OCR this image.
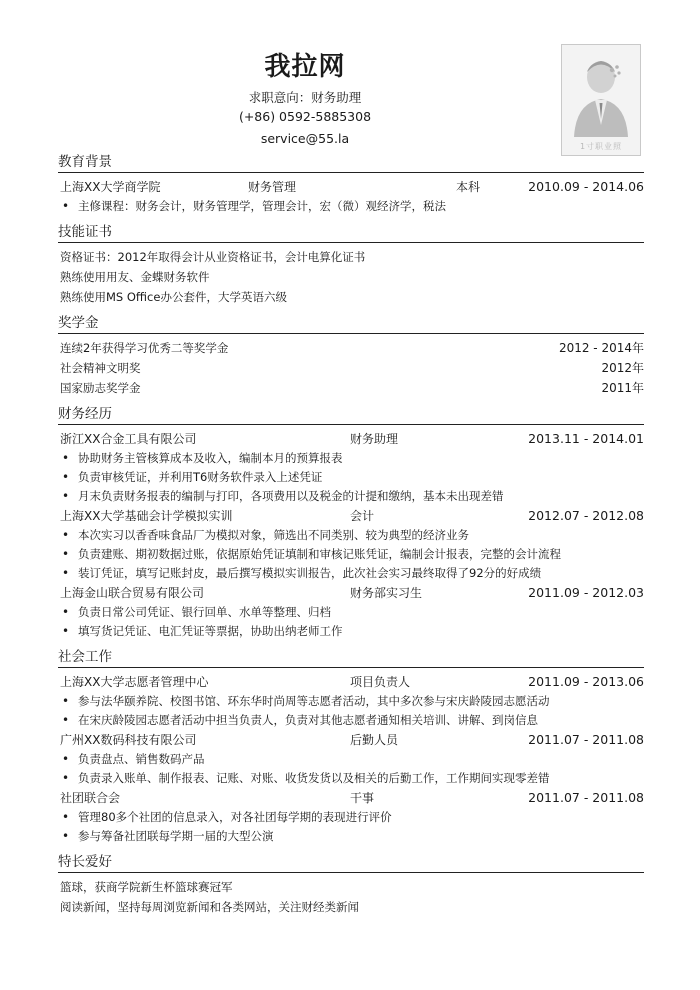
我拉网
求职意向：财务助理
(+86) 0592-5885308
service@55.la
1寸职业照
教育背景
上海XX大学商学院	财务管理	本科	2010.09 - 2014.06
• 主修课程：财务会计，财务管理学，管理会计，宏（微）观经济学，税法
技能证书
资格证书：2012年取得会计从业资格证书，会计电算化证书
熟练使用用友、金蝶财务软件
熟练使用MS Office办公套件，大学英语六级
奖学金
连续2年获得学习优秀二等奖学金	2012 - 2014年
社会精神文明奖	2012年
国家励志奖学金	2011年
财务经历
浙江XX合金工具有限公司	财务助理	2013.11 - 2014.01
• 协助财务主管核算成本及收入，编制本月的预算报表
• 负责审核凭证，并利用T6财务软件录入上述凭证
• 月末负责财务报表的编制与打印，各项费用以及税金的计提和缴纳，基本未出现差错
上海XX大学基础会计学模拟实训	会计	2012.07 - 2012.08
• 本次实习以香香味食品厂为模拟对象，筛选出不同类别、较为典型的经济业务
• 负责建账、期初数据过账，依据原始凭证填制和审核记账凭证，编制会计报表，完整的会计流程
• 装订凭证，填写记账封皮，最后撰写模拟实训报告，此次社会实习最终取得了92分的好成绩
上海金山联合贸易有限公司	财务部实习生	2011.09 - 2012.03
• 负责日常公司凭证、银行回单、水单等整理、归档
• 填写货记凭证、电汇凭证等票据，协助出纳老师工作
社会工作
上海XX大学志愿者管理中心	项目负责人	2011.09 - 2013.06
• 参与法华颐养院、校图书馆、环东华时尚周等志愿者活动，其中多次参与宋庆龄陵园志愿活动
• 在宋庆龄陵园志愿者活动中担当负责人，负责对其他志愿者通知相关培训、讲解、到岗信息
广州XX数码科技有限公司	后勤人员	2011.07 - 2011.08
• 负责盘点、销售数码产品
• 负责录入账单、制作报表、记账、对账、收货发货以及相关的后勤工作，工作期间实现零差错
社团联合会	干事	2011.07 - 2011.08
• 管理80多个社团的信息录入，对各社团每学期的表现进行评价
• 参与筹备社团联每学期一届的大型公演
特长爱好
篮球，获商学院新生杯篮球赛冠军
阅读新闻，坚持每周浏览新闻和各类网站，关注财经类新闻
